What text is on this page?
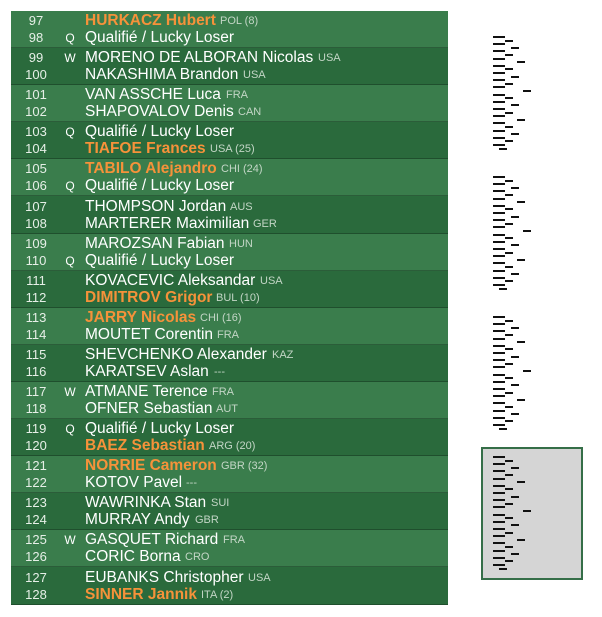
97	HURKACZ Hubert POL (8)
98	Q Qualifié / Lucky Loser
99	W MORENO DE ALBORAN Nicolas USA
100	NAKASHIMA Brandon USA
101	VAN ASSCHE Luca FRA
102	SHAPOVALOV Denis CAN
103	Q Qualifié / Lucky Loser
104	TIAFOE Frances USA (25)
105	TABILO Alejandro CHI (24)
106	Q Qualifié / Lucky Loser
107	THOMPSON Jordan AUS
108	MARTERER Maximilian GER
109	MAROZSAN Fabian HUN
110	Q Qualifié / Lucky Loser
111	KOVACEVIC Aleksandar USA
112	DIMITROV Grigor BUL (10)
113	JARRY Nicolas CHI (16)
114	MOUTET Corentin FRA
115	SHEVCHENKO Alexander KAZ
116	KARATSEV Aslan ---
117	W ATMANE Terence FRA
118	OFNER Sebastian AUT
119	Q Qualifié / Lucky Loser
120	BAEZ Sebastian ARG (20)
121	NORRIE Cameron GBR (32)
122	KOTOV Pavel ---
123	WAWRINKA Stan SUI
124	MURRAY Andy GBR
125	W GASQUET Richard FRA
126	CORIC Borna CRO
127	EUBANKS Christopher USA
128	SINNER Jannik ITA (2)
